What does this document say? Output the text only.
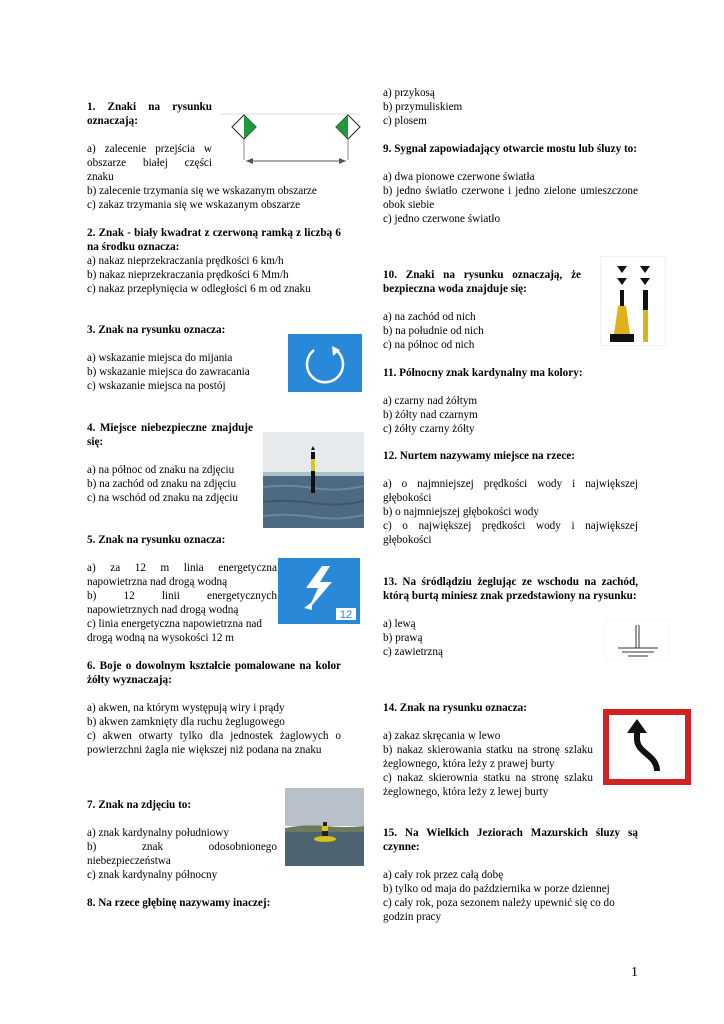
1. Znaki na rysunku oznaczają:

a) zalecenie przejścia w obszarze białej części znaku

b) zalecenie trzymania się we wskazanym obszarze

c) zakaz trzymania się we wskazanym obszarze

2. Znak - biały kwadrat z czerwoną ramką z liczbą 6 na środku oznacza:

a) nakaz nieprzekraczania prędkości 6 km/h

b) nakaz nieprzekraczania prędkości 6 Mm/h

c) nakaz przepłynięcia w odległości 6 m od znaku

3. Znak na rysunku oznacza:

a) wskazanie miejsca do mijania

b) wskazanie miejsca do zawracania

c) wskazanie miejsca na postój

4. Miejsce niebezpieczne znajduje się:

a) na północ od znaku na zdjęciu

b) na zachód od znaku na zdjęciu

c) na wschód od znaku na zdjęciu

5. Znak na rysunku oznacza:

a) za 12 m linia energetyczna napowietrzna nad drogą wodną

b) 12 linii energetycznych napowietrznych nad drogą wodną

c) linia energetyczna napowietrzna nad drogą wodną na wysokości 12 m

6. Boje o dowolnym kształcie pomalowane na kolor żółty wyznaczają:

a) akwen, na którym występują wiry i prądy

b) akwen zamknięty dla ruchu żeglugowego

c) akwen otwarty tylko dla jednostek żaglowych o powierzchni żagla nie większej niż podana na znaku

7. Znak na zdjęciu to:

a) znak kardynalny południowy

b) znak odosobnionego niebezpieczeństwa

c) znak kardynalny północny

8. Na rzece głębinę nazywamy inaczej:

12

a) przykosą

b) przymuliskiem

c) plosem

9. Sygnał zapowiadający otwarcie mostu lub śluzy to:

a) dwa pionowe czerwone światła

b) jedno światło czerwone i jedno zielone umieszczone obok siebie

c) jedno czerwone światło

10. Znaki na rysunku oznaczają, że bezpieczna woda znajduje się:

a) na zachód od nich

b) na południe od nich

c) na północ od nich

11. Północny znak kardynalny ma kolory:

a) czarny nad żółtym

b) żółty nad czarnym

c) żółty czarny żółty

12. Nurtem nazywamy miejsce na rzece:

a) o najmniejszej prędkości wody i największej głębokości

b) o najmniejszej głębokości wody

c) o największej prędkości wody i największej głębokości

13. Na śródlądziu żeglując ze wschodu na zachód, którą burtą miniesz znak przedstawiony na rysunku:

a) lewą

b) prawą

c) zawietrzną

14. Znak na rysunku oznacza:

a) zakaz skręcania w lewo

b) nakaz skierowania statku na stronę szlaku żeglownego, która leży z prawej burty

c) nakaz skierownia statku na stronę szlaku żeglownego, która leży z lewej burty

15. Na Wielkich Jeziorach Mazurskich śluzy są czynne:

a) cały rok przez całą dobę

b) tylko od maja do października w porze dziennej

c) cały rok, poza sezonem należy upewnić się co do godzin pracy

1
